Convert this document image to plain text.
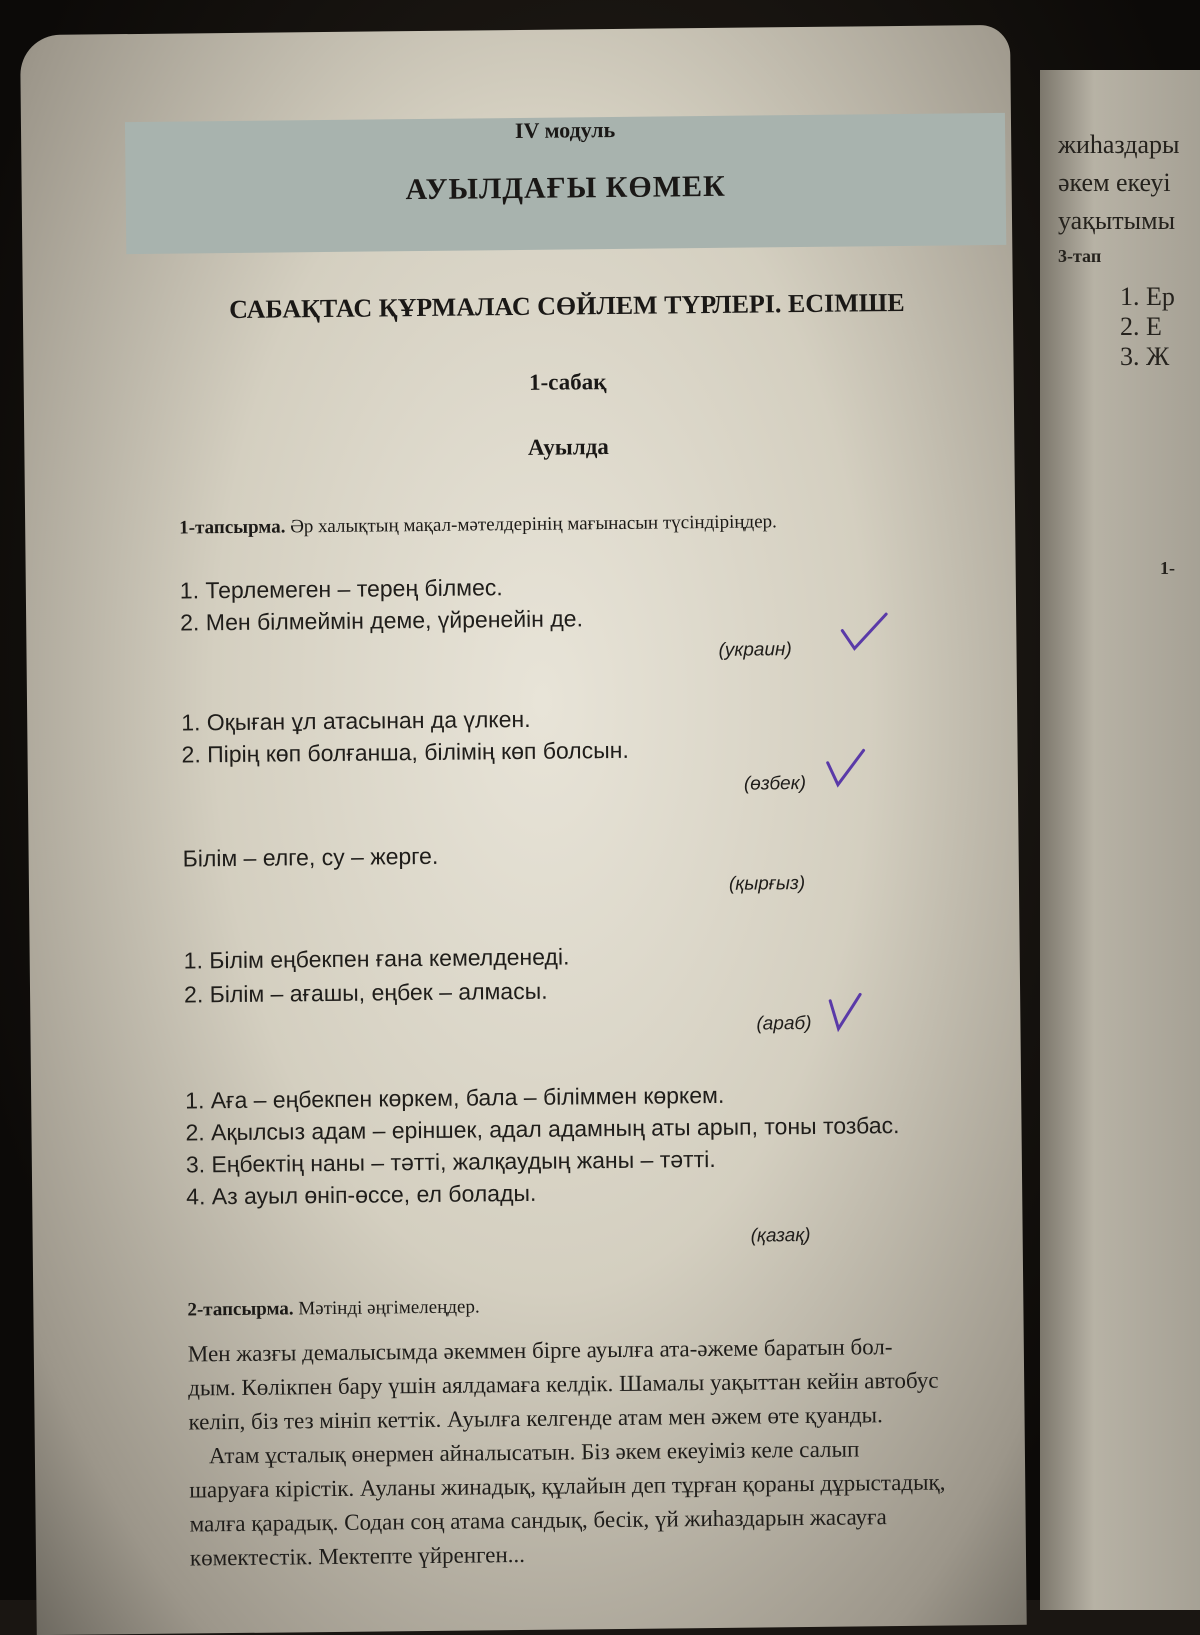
жиһаздары
әкем екеуі
уақытымы
3-тап
1. Ер
2. Е
3. Ж
1-
IV модуль
АУЫЛДАҒЫ КӨМЕК
САБАҚТАС ҚҰРМАЛАС СӨЙЛЕМ ТҮРЛЕРІ. ЕСІМШЕ
1-сабақ
Ауылда
1-тапсырма. Әр халықтың мақал-мәтелдерінің мағынасын түсіндіріңдер.
1. Терлемеген – терең білмес.
2. Мен білмеймін деме, үйренейін де.
(украин)
1. Оқыған ұл атасынан да үлкен.
2. Пірің көп болғанша, білімің көп болсын.
(өзбек)
Білім – елге, су – жерге.
(қырғыз)
1. Білім еңбекпен ғана кемелденеді.
2. Білім – ағашы, еңбек – алмасы.
(араб)
1. Аға – еңбекпен көркем, бала – біліммен көркем.
2. Ақылсыз адам – еріншек, адал адамның аты арып, тоны тозбас.
3. Еңбектің наны – тәтті, жалқаудың жаны – тәтті.
4. Аз ауыл өніп-өссе, ел болады.
(қазақ)
2-тапсырма. Мәтінді әңгімелеңдер.
Мен жазғы демалысымда әкеммен бірге ауылға ата-әжеме баратын бол-
дым. Көлікпен бару үшін аялдамаға келдік. Шамалы уақыттан кейін автобус
келіп, біз тез мініп кеттік. Ауылға келгенде атам мен әжем өте қуанды.
Атам ұсталық өнермен айналысатын. Біз әкем екеуіміз келе салып
шаруаға кірістік. Ауланы жинадық, құлайын деп тұрған қораны дұрыстадық,
малға қарадық. Содан соң атама сандық, бесік, үй жиһаздарын жасауға
көмектестік. Мектепте үйренген...
